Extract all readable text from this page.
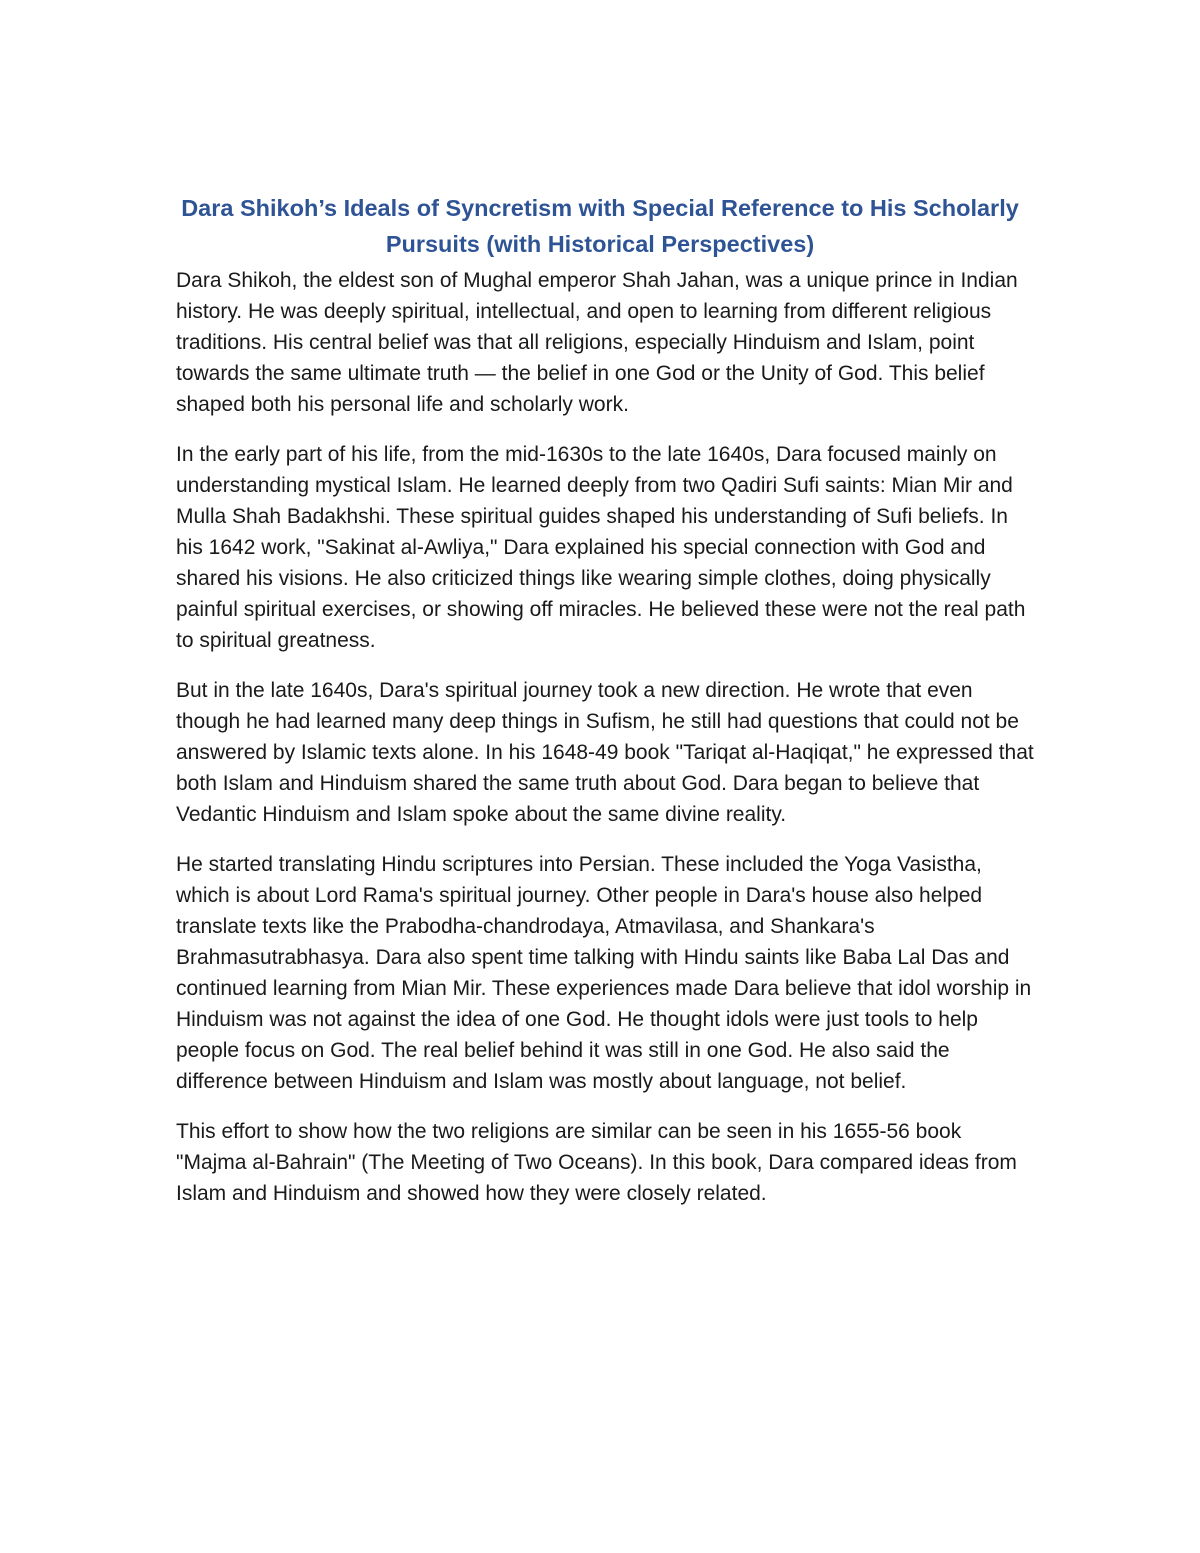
Dara Shikoh’s Ideals of Syncretism with Special Reference to His Scholarly
Pursuits (with Historical Perspectives)

Dara Shikoh, the eldest son of Mughal emperor Shah Jahan, was a unique prince in Indian history. He was deeply spiritual, intellectual, and open to learning from different religious traditions. His central belief was that all religions, especially Hinduism and Islam, point towards the same ultimate truth — the belief in one God or the Unity of God. This belief shaped both his personal life and scholarly work.

In the early part of his life, from the mid-1630s to the late 1640s, Dara focused mainly on understanding mystical Islam. He learned deeply from two Qadiri Sufi saints: Mian Mir and Mulla Shah Badakhshi. These spiritual guides shaped his understanding of Sufi beliefs. In his 1642 work, "Sakinat al-Awliya," Dara explained his special connection with God and shared his visions. He also criticized things like wearing simple clothes, doing physically painful spiritual exercises, or showing off miracles. He believed these were not the real path to spiritual greatness.

But in the late 1640s, Dara's spiritual journey took a new direction. He wrote that even though he had learned many deep things in Sufism, he still had questions that could not be answered by Islamic texts alone. In his 1648-49 book "Tariqat al-Haqiqat," he expressed that both Islam and Hinduism shared the same truth about God. Dara began to believe that Vedantic Hinduism and Islam spoke about the same divine reality.

He started translating Hindu scriptures into Persian. These included the Yoga Vasistha, which is about Lord Rama's spiritual journey. Other people in Dara's house also helped translate texts like the Prabodha-chandrodaya, Atmavilasa, and Shankara's Brahmasutrabhasya. Dara also spent time talking with Hindu saints like Baba Lal Das and continued learning from Mian Mir. These experiences made Dara believe that idol worship in Hinduism was not against the idea of one God. He thought idols were just tools to help people focus on God. The real belief behind it was still in one God. He also said the difference between Hinduism and Islam was mostly about language, not belief.

This effort to show how the two religions are similar can be seen in his 1655-56 book "Majma al-Bahrain" (The Meeting of Two Oceans). In this book, Dara compared ideas from Islam and Hinduism and showed how they were closely related.
